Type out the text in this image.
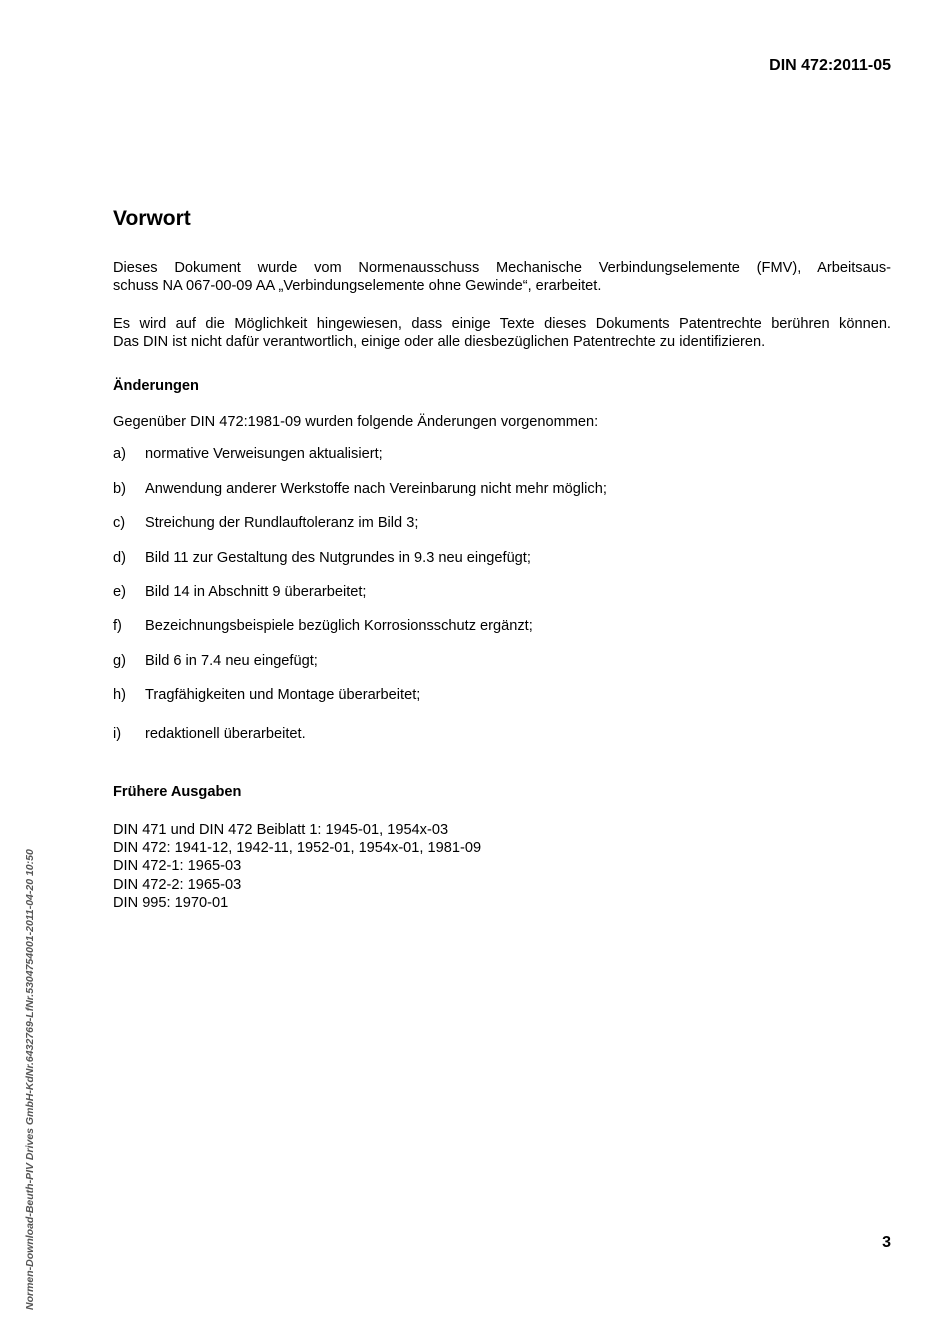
DIN 472:2011-05
Vorwort
Dieses Dokument wurde vom Normenausschuss Mechanische Verbindungselemente (FMV), Arbeitsaus-
schuss NA 067-00-09 AA „Verbindungselemente ohne Gewinde“, erarbeitet.
Es wird auf die Möglichkeit hingewiesen, dass einige Texte dieses Dokuments Patentrechte berühren können.
Das DIN ist nicht dafür verantwortlich, einige oder alle diesbezüglichen Patentrechte zu identifizieren.
Änderungen
Gegenüber DIN 472:1981-09 wurden folgende Änderungen vorgenommen:
a)	normative Verweisungen aktualisiert;
b)	Anwendung anderer Werkstoffe nach Vereinbarung nicht mehr möglich;
c)	Streichung der Rundlauftoleranz im Bild 3;
d)	Bild 11 zur Gestaltung des Nutgrundes in 9.3 neu eingefügt;
e)	Bild 14 in Abschnitt 9 überarbeitet;
f)	Bezeichnungsbeispiele bezüglich Korrosionsschutz ergänzt;
g)	Bild 6 in 7.4 neu eingefügt;
h)	Tragfähigkeiten und Montage überarbeitet;
i)	redaktionell überarbeitet.
Frühere Ausgaben
DIN 471 und DIN 472 Beiblatt 1: 1945-01, 1954x-03
DIN 472: 1941-12, 1942-11, 1952-01, 1954x-01, 1981-09
DIN 472-1: 1965-03
DIN 472-2: 1965-03
DIN 995: 1970-01
3
Normen-Download-Beuth-PIV Drives GmbH-KdNr.6432769-LfNr.5304754001-2011-04-20 10:50
